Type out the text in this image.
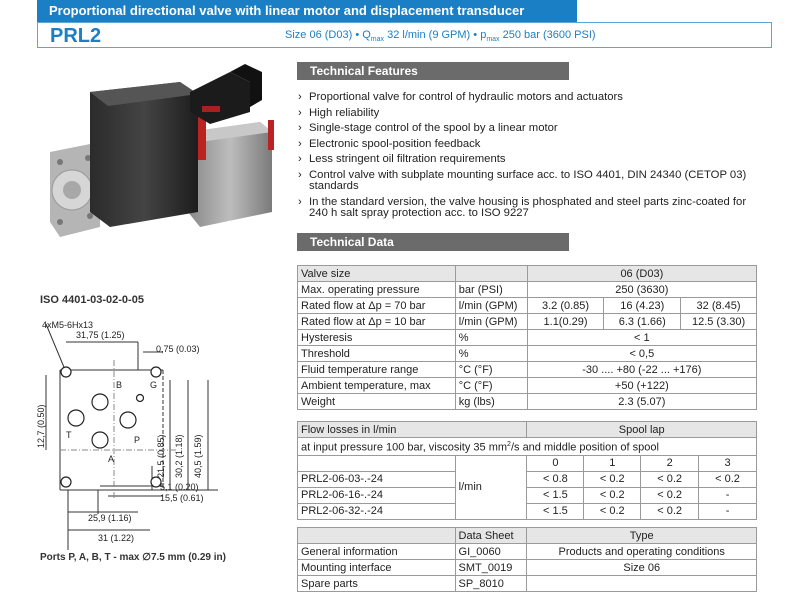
Proportional directional valve with linear motor and displacement transducer
PRL2	Size 06 (D03) • $Q_{max}$ 32 l/min (9 GPM) • $p_{max}$ 250 bar (3600 PSI)
ISO 4401-03-02-0-05
4xM5-6Hx13
31,75 (1.25)
0,75 (0.03)
12,7 (0.50)
21,5 (0.85) 30,2 (1.18) 40,5 (1.59)
5,1 (0.20)
15,5 (0.61)
25,9 (1.16)
31 (1.22)
B	G
T	P
A
Ports P, A, B, T - max ∅7.5 mm (0.29 in)
Technical Features
› Proportional valve for control of hydraulic motors and actuators
› High reliability
› Single-stage control of the spool by a linear motor
› Electronic spool-position feedback
› Less stringent oil filtration requirements
› Control valve with subplate mounting surface acc. to ISO 4401, DIN 24340 (CETOP 03) standards
› In the standard version, the valve housing is phosphated and steel parts zinc-coated for 240 h salt spray protection acc. to ISO 9227
Technical Data
Valve size		06 (D03)		
Max. operating pressure	bar (PSI)	250 (3630)		
Rated flow at Δp = 70 bar	l/min (GPM)	3.2 (0.85)	16 (4.23)	32 (8.45)
Rated flow at Δp = 10 bar	l/min (GPM)	1.1(0.29)	6.3 (1.66)	12.5 (3.30)
Hysteresis	%	< 1		
Threshold	%	< 0,5		
Fluid temperature range	°C (°F)	-30 .... +80 (-22 ... +176)		
Ambient temperature, max	°C (°F)	+50 (+122)		
Weight	kg (lbs)	2.3 (5.07)		
Flow losses in l/min		Spool lap			
at input pressure 100 bar, viscosity 35 $mm^2/s$ and middle position of spool					
	l/min	0	1	2	3
PRL2-06-03-.-24		< 0.8	< 0.2	< 0.2	< 0.2
PRL2-06-16-.-24		< 1.5	< 0.2	< 0.2	-
PRL2-06-32-.-24		< 1.5	< 0.2	< 0.2	-
	Data Sheet	Type
General information	GI_0060	Products and operating conditions
Mounting interface	SMT_0019	Size 06
Spare parts	SP_8010	
